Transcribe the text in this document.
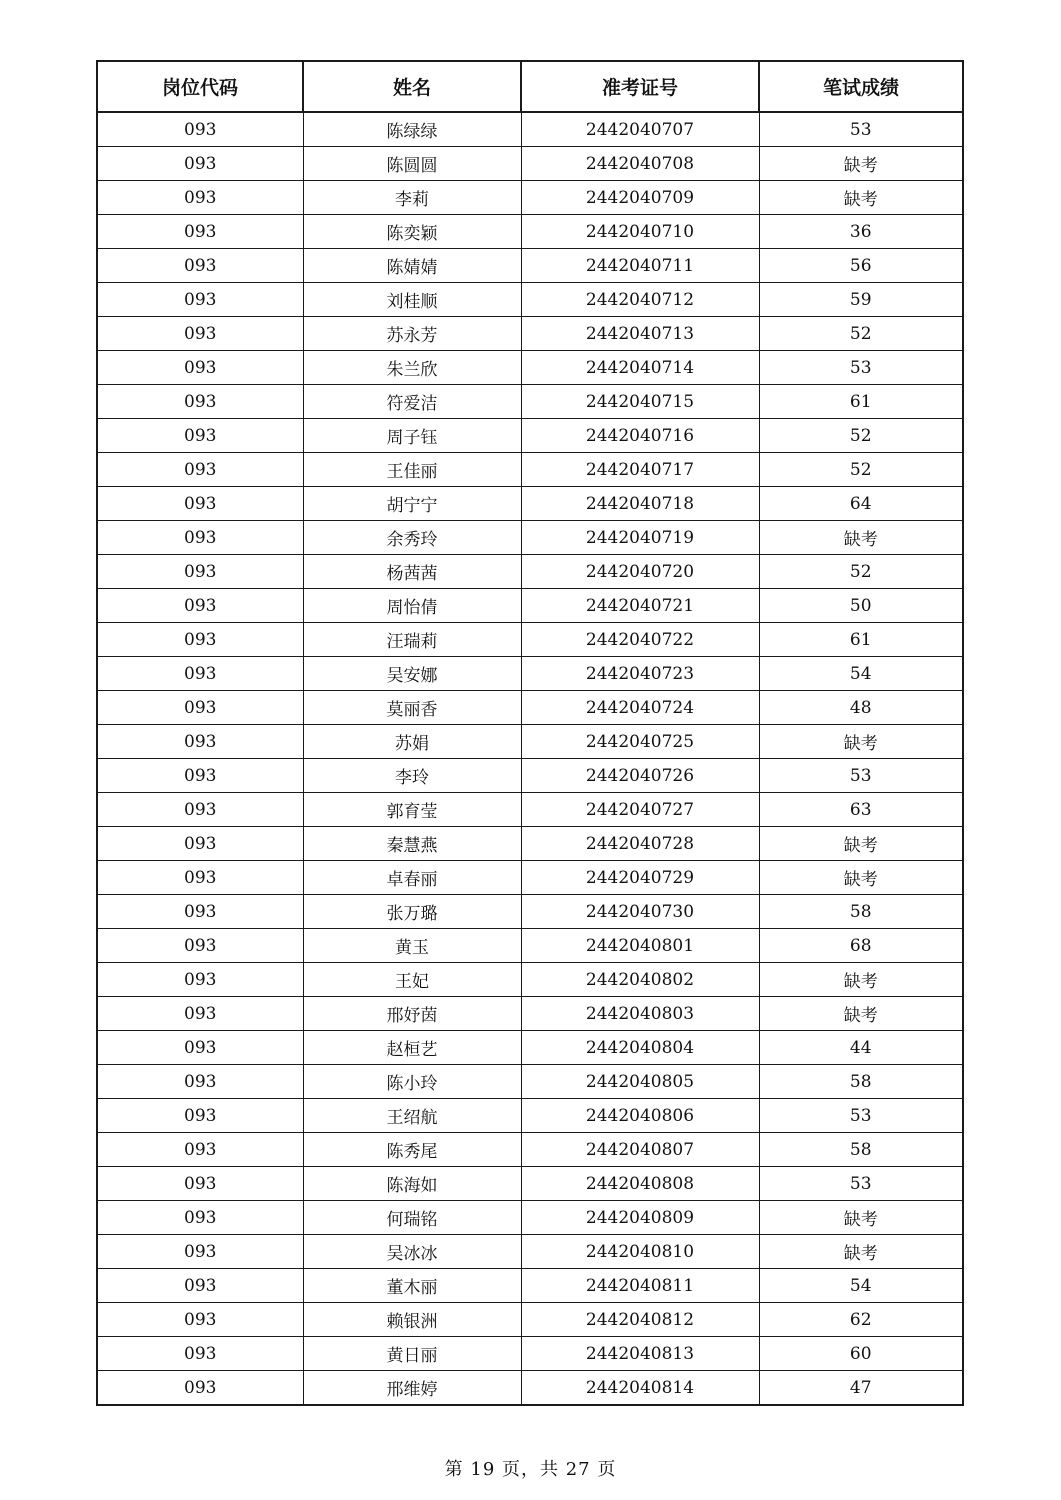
岗位代码	姓名	准考证号	笔试成绩
093	陈绿绿	2442040707	53
093	陈圆圆	2442040708	缺考
093	李莉	2442040709	缺考
093	陈奕颖	2442040710	36
093	陈婧婧	2442040711	56
093	刘桂顺	2442040712	59
093	苏永芳	2442040713	52
093	朱兰欣	2442040714	53
093	符爱洁	2442040715	61
093	周子钰	2442040716	52
093	王佳丽	2442040717	52
093	胡宁宁	2442040718	64
093	余秀玲	2442040719	缺考
093	杨茜茜	2442040720	52
093	周怡倩	2442040721	50
093	汪瑞莉	2442040722	61
093	吴安娜	2442040723	54
093	莫丽香	2442040724	48
093	苏娟	2442040725	缺考
093	李玲	2442040726	53
093	郭育莹	2442040727	63
093	秦慧燕	2442040728	缺考
093	卓春丽	2442040729	缺考
093	张万璐	2442040730	58
093	黄玉	2442040801	68
093	王妃	2442040802	缺考
093	邢妤茵	2442040803	缺考
093	赵桓艺	2442040804	44
093	陈小玲	2442040805	58
093	王绍航	2442040806	53
093	陈秀尾	2442040807	58
093	陈海如	2442040808	53
093	何瑞铭	2442040809	缺考
093	吴冰冰	2442040810	缺考
093	董木丽	2442040811	54
093	赖银洲	2442040812	62
093	黄日丽	2442040813	60
093	邢维婷	2442040814	47
第 19 页，共 27 页
